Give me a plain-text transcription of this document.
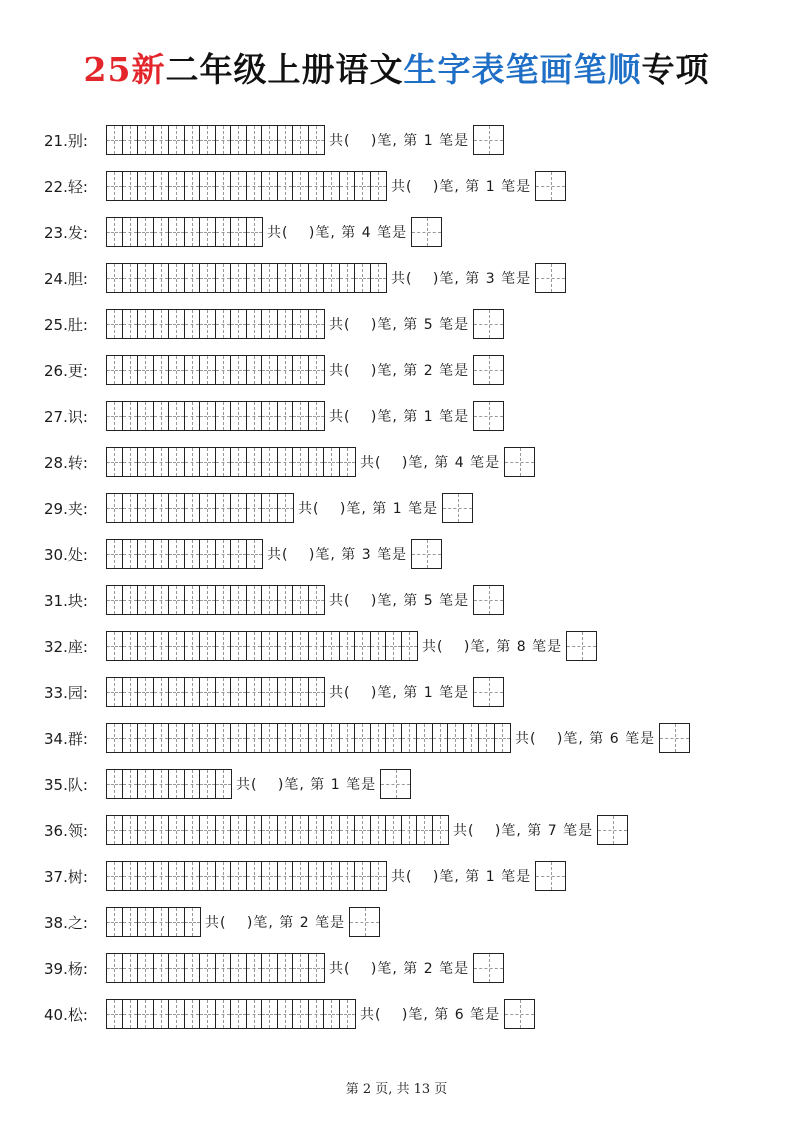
25新二年级上册语文生字表笔画笔顺专项
21.别:	共(　 )笔, 第 1 笔是
22.轻:	共(　 )笔, 第 1 笔是
23.发:	共(　 )笔, 第 4 笔是
24.胆:	共(　 )笔, 第 3 笔是
25.肚:	共(　 )笔, 第 5 笔是
26.更:	共(　 )笔, 第 2 笔是
27.识:	共(　 )笔, 第 1 笔是
28.转:	共(　 )笔, 第 4 笔是
29.夹:	共(　 )笔, 第 1 笔是
30.处:	共(　 )笔, 第 3 笔是
31.块:	共(　 )笔, 第 5 笔是
32.座:	共(　 )笔, 第 8 笔是
33.园:	共(　 )笔, 第 1 笔是
34.群:	共(　 )笔, 第 6 笔是
35.队:	共(　 )笔, 第 1 笔是
36.领:	共(　 )笔, 第 7 笔是
37.树:	共(　 )笔, 第 1 笔是
38.之:	共(　 )笔, 第 2 笔是
39.杨:	共(　 )笔, 第 2 笔是
40.松:	共(　 )笔, 第 6 笔是
第 2 页, 共 13 页
